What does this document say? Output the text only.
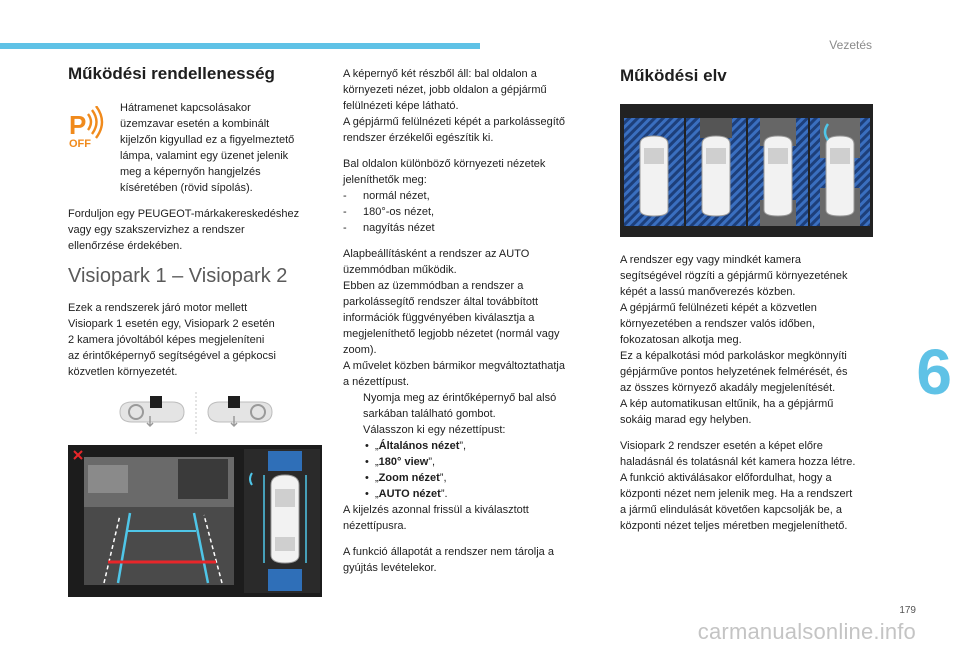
Vezetés
6
Működési rendellenesség
P
OFF
Hátramenet kapcsolásakor
üzemzavar esetén a kombinált
kijelzőn kigyullad ez a figyelmeztető
lámpa, valamint egy üzenet jelenik
meg a képernyőn hangjelzés
kíséretében (rövid sípolás).

Forduljon egy PEUGEOT-márkakereskedéshez
vagy egy szakszervizhez a rendszer
ellenőrzése érdekében.

Visiopark 1 – Visiopark 2

Ezek a rendszerek járó motor mellett
Visiopark 1 esetén egy, Visiopark 2 esetén
2 kamera jóvoltából képes megjeleníteni
az érintőképernyő segítségével a gépkocsi
közvetlen környezetét.

A képernyő két részből áll: bal oldalon a
környezeti nézet, jobb oldalon a gépjármű
felülnézeti képe látható.
A gépjármű felülnézeti képét a parkolássegítő
rendszer érzékelői egészítik ki.

Bal oldalon különböző környezeti nézetek
jeleníthetők meg:
- normál nézet,
- 180°-os nézet,
- nagyítás nézet

Alapbeállításként a rendszer az AUTO
üzemmódban működik.
Ebben az üzemmódban a rendszer a
parkolássegítő rendszer által továbbított
információk függvényében kiválasztja a
megjeleníthető legjobb nézetet (normál vagy
zoom).
A művelet közben bármikor megváltoztathatja
a nézettípust.
Nyomja meg az érintőképernyő bal alsó
sarkában található gombot.
Válasszon ki egy nézettípust:
• „Általános nézet”,
• „180° view”,
• „Zoom nézet”,
• „AUTO nézet”.
A kijelzés azonnal frissül a kiválasztott
nézettípusra.

A funkció állapotát a rendszer nem tárolja a
gyújtás levételekor.

Működési elv

A rendszer egy vagy mindkét kamera
segítségével rögzíti a gépjármű környezetének
képét a lassú manőverezés közben.
A gépjármű felülnézeti képét a közvetlen
környezetében a rendszer valós időben,
fokozatosan alkotja meg.
Ez a képalkotási mód parkoláskor megkönnyíti
gépjárműve pontos helyzetének felmérését, és
az összes környező akadály megjelenítését.
A kép automatikusan eltűnik, ha a gépjármű
sokáig marad egy helyben.

Visiopark 2 rendszer esetén a képet előre
haladásnál és tolatásnál két kamera hozza létre.
A funkció aktiválásakor előfordulhat, hogy a
központi nézet nem jelenik meg. Ha a rendszert
a jármű elindulását követően kapcsolják be, a
központi nézet teljes méretben megjeleníthető.

179
carmanualsonline.info
